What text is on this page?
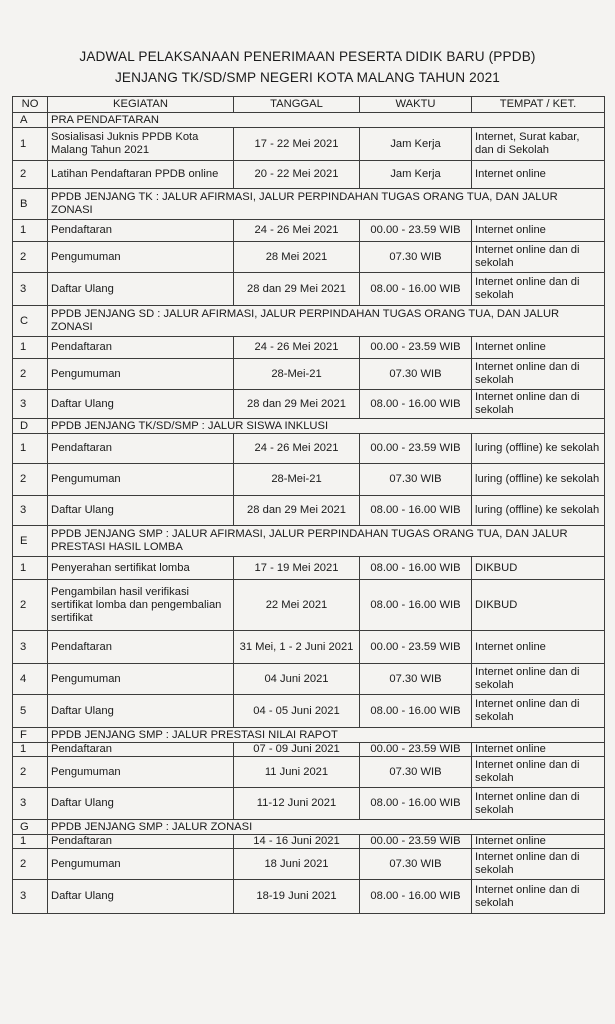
JADWAL PELAKSANAAN PENERIMAAN PESERTA DIDIK BARU (PPDB)
JENJANG TK/SD/SMP NEGERI KOTA MALANG TAHUN 2021
NO	KEGIATAN	TANGGAL	WAKTU	TEMPAT / KET.
A	PRA PENDAFTARAN			
1	Sosialisasi Juknis PPDB Kota Malang Tahun 2021	17 - 22 Mei 2021	Jam Kerja	Internet, Surat kabar, dan di Sekolah
2	Latihan Pendaftaran PPDB online	20 - 22 Mei 2021	Jam Kerja	Internet online
B	PPDB JENJANG TK : JALUR AFIRMASI, JALUR PERPINDAHAN TUGAS ORANG TUA, DAN JALUR ZONASI			
1	Pendaftaran	24 - 26 Mei 2021	00.00 - 23.59 WIB	Internet online
2	Pengumuman	28 Mei 2021	07.30 WIB	Internet online dan di sekolah
3	Daftar Ulang	28 dan 29 Mei 2021	08.00 - 16.00 WIB	Internet online dan di sekolah
C	PPDB JENJANG SD : JALUR AFIRMASI, JALUR PERPINDAHAN TUGAS ORANG TUA, DAN JALUR ZONASI			
1	Pendaftaran	24 - 26 Mei 2021	00.00 - 23.59 WIB	Internet online
2	Pengumuman	28-Mei-21	07.30 WIB	Internet online dan di sekolah
3	Daftar Ulang	28 dan 29 Mei 2021	08.00 - 16.00 WIB	Internet online dan di sekolah
D	PPDB JENJANG TK/SD/SMP : JALUR SISWA INKLUSI			
1	Pendaftaran	24 - 26 Mei 2021	00.00 - 23.59 WIB	luring (offline) ke sekolah
2	Pengumuman	28-Mei-21	07.30 WIB	luring (offline) ke sekolah
3	Daftar Ulang	28 dan 29 Mei 2021	08.00 - 16.00 WIB	luring (offline) ke sekolah
E	PPDB JENJANG SMP : JALUR AFIRMASI, JALUR PERPINDAHAN TUGAS ORANG TUA, DAN JALUR PRESTASI HASIL LOMBA			
1	Penyerahan sertifikat lomba	17 - 19 Mei 2021	08.00 - 16.00 WIB	DIKBUD
2	Pengambilan hasil verifikasi sertifikat lomba dan pengembalian sertifikat	22 Mei 2021	08.00 - 16.00 WIB	DIKBUD
3	Pendaftaran	31 Mei, 1 - 2 Juni 2021	00.00 - 23.59 WIB	Internet online
4	Pengumuman	04 Juni 2021	07.30 WIB	Internet online dan di sekolah
5	Daftar Ulang	04 - 05 Juni 2021	08.00 - 16.00 WIB	Internet online dan di sekolah
F	PPDB JENJANG SMP : JALUR PRESTASI NILAI RAPOT			
1	Pendaftaran	07 - 09 Juni 2021	00.00 - 23.59 WIB	Internet online
2	Pengumuman	11 Juni 2021	07.30 WIB	Internet online dan di sekolah
3	Daftar Ulang	11-12 Juni 2021	08.00 - 16.00 WIB	Internet online dan di sekolah
G	PPDB JENJANG SMP : JALUR ZONASI			
1	Pendaftaran	14 - 16 Juni 2021	00.00 - 23.59 WIB	Internet online
2	Pengumuman	18 Juni 2021	07.30 WIB	Internet online dan di sekolah
3	Daftar Ulang	18-19 Juni 2021	08.00 - 16.00 WIB	Internet online dan di sekolah
